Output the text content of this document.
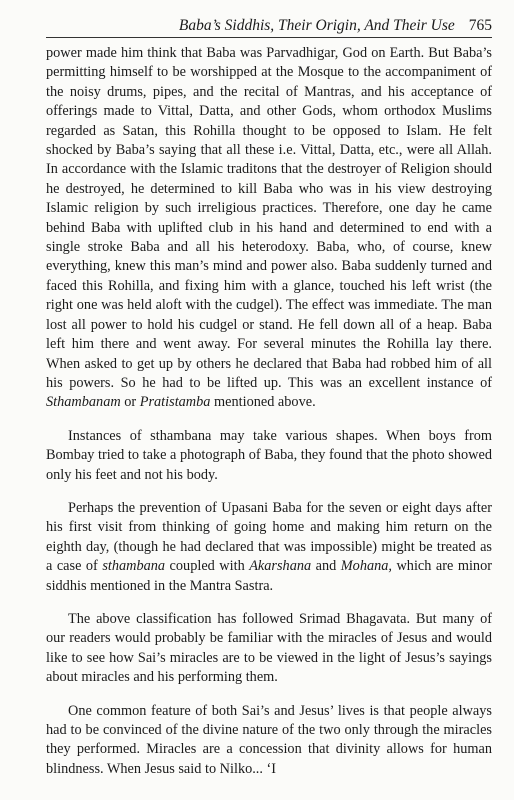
Baba’s Siddhis, Their Origin, And Their Use 765

power made him think that Baba was Parvadhigar, God on Earth. But Baba’s permitting himself to be worshipped at the Mosque to the accompaniment of the noisy drums, pipes, and the recital of Mantras, and his acceptance of offerings made to Vittal, Datta, and other Gods, whom orthodox Muslims regarded as Satan, this Rohilla thought to be opposed to Islam. He felt shocked by Baba’s saying that all these i.e. Vittal, Datta, etc., were all Allah. In accordance with the Islamic traditons that the destroyer of Religion should he destroyed, he determined to kill Baba who was in his view destroying Islamic religion by such irreligious practices. Therefore, one day he came behind Baba with uplifted club in his hand and determined to end with a single stroke Baba and all his heterodoxy. Baba, who, of course, knew everything, knew this man’s mind and power also. Baba suddenly turned and faced this Rohilla, and fixing him with a glance, touched his left wrist (the right one was held aloft with the cudgel). The effect was immediate. The man lost all power to hold his cudgel or stand. He fell down all of a heap. Baba left him there and went away. For several minutes the Rohilla lay there. When asked to get up by others he declared that Baba had robbed him of all his powers. So he had to be lifted up. This was an excellent instance of Sthambanam or Pratistamba mentioned above.

Instances of sthambana may take various shapes. When boys from Bombay tried to take a photograph of Baba, they found that the photo showed only his feet and not his body.

Perhaps the prevention of Upasani Baba for the seven or eight days after his first visit from thinking of going home and making him return on the eighth day, (though he had declared that was impossible) might be treated as a case of sthambana coupled with Akarshana and Mohana, which are minor siddhis mentioned in the Mantra Sastra.

The above classification has followed Srimad Bhagavata. But many of our readers would probably be familiar with the miracles of Jesus and would like to see how Sai’s miracles are to be viewed in the light of Jesus’s sayings about miracles and his performing them.

One common feature of both Sai’s and Jesus’ lives is that people always had to be convinced of the divine nature of the two only through the miracles they performed. Miracles are a concession that divinity allows for human blindness. When Jesus said to Nilko... ‘I
